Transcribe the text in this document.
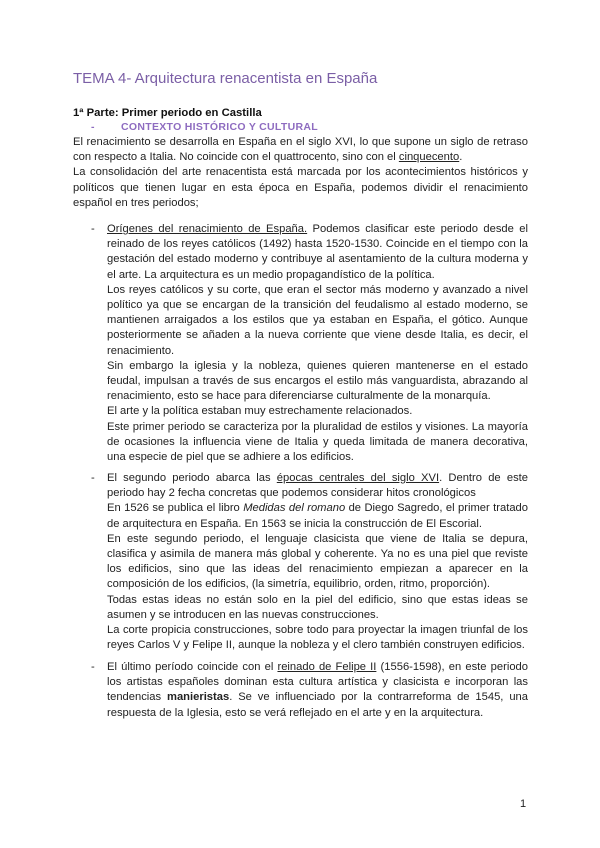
TEMA 4- Arquitectura renacentista en España
1ª Parte: Primer periodo en Castilla
- CONTEXTO HISTÓRICO Y CULTURAL

El renacimiento se desarrolla en España en el siglo XVI, lo que supone un siglo de retraso con respecto a Italia. No coincide con el quattrocento, sino con el cinquecento.

La consolidación del arte renacentista está marcada por los acontecimientos históricos y políticos que tienen lugar en esta época en España, podemos dividir el renacimiento español en tres periodos;

- Orígenes del renacimiento de España. Podemos clasificar este periodo desde el reinado de los reyes católicos (1492) hasta 1520-1530. Coincide en el tiempo con la gestación del estado moderno y contribuye al asentamiento de la cultura moderna y el arte. La arquitectura es un medio propagandístico de la política.

Los reyes católicos y su corte, que eran el sector más moderno y avanzado a nivel político ya que se encargan de la transición del feudalismo al estado moderno, se mantienen arraigados a los estilos que ya estaban en España, el gótico. Aunque posteriormente se añaden a la nueva corriente que viene desde Italia, es decir, el renacimiento.

Sin embargo la iglesia y la nobleza, quienes quieren mantenerse en el estado feudal, impulsan a través de sus encargos el estilo más vanguardista, abrazando al renacimiento, esto se hace para diferenciarse culturalmente de la monarquía.

El arte y la política estaban muy estrechamente relacionados.

Este primer periodo se caracteriza por la pluralidad de estilos y visiones. La mayoría de ocasiones la influencia viene de Italia y queda limitada de manera decorativa, una especie de piel que se adhiere a los edificios.

- El segundo periodo abarca las épocas centrales del siglo XVI. Dentro de este periodo hay 2 fecha concretas que podemos considerar hitos cronológicos

En 1526 se publica el libro Medidas del romano de Diego Sagredo, el primer tratado de arquitectura en España. En 1563 se inicia la construcción de El Escorial.

En este segundo periodo, el lenguaje clasicista que viene de Italia se depura, clasifica y asimila de manera más global y coherente. Ya no es una piel que reviste los edificios, sino que las ideas del renacimiento empiezan a aparecer en la composición de los edificios, (la simetría, equilibrio, orden, ritmo, proporción).

Todas estas ideas no están solo en la piel del edificio, sino que estas ideas se asumen y se introducen en las nuevas construcciones.

La corte propicia construcciones, sobre todo para proyectar la imagen triunfal de los reyes Carlos V y Felipe II, aunque la nobleza y el clero también construyen edificios.

- El último período coincide con el reinado de Felipe II (1556-1598), en este periodo los artistas españoles dominan esta cultura artística y clasicista e incorporan las tendencias manieristas. Se ve influenciado por la contrarreforma de 1545, una respuesta de la Iglesia, esto se verá reflejado en el arte y en la arquitectura.

1
